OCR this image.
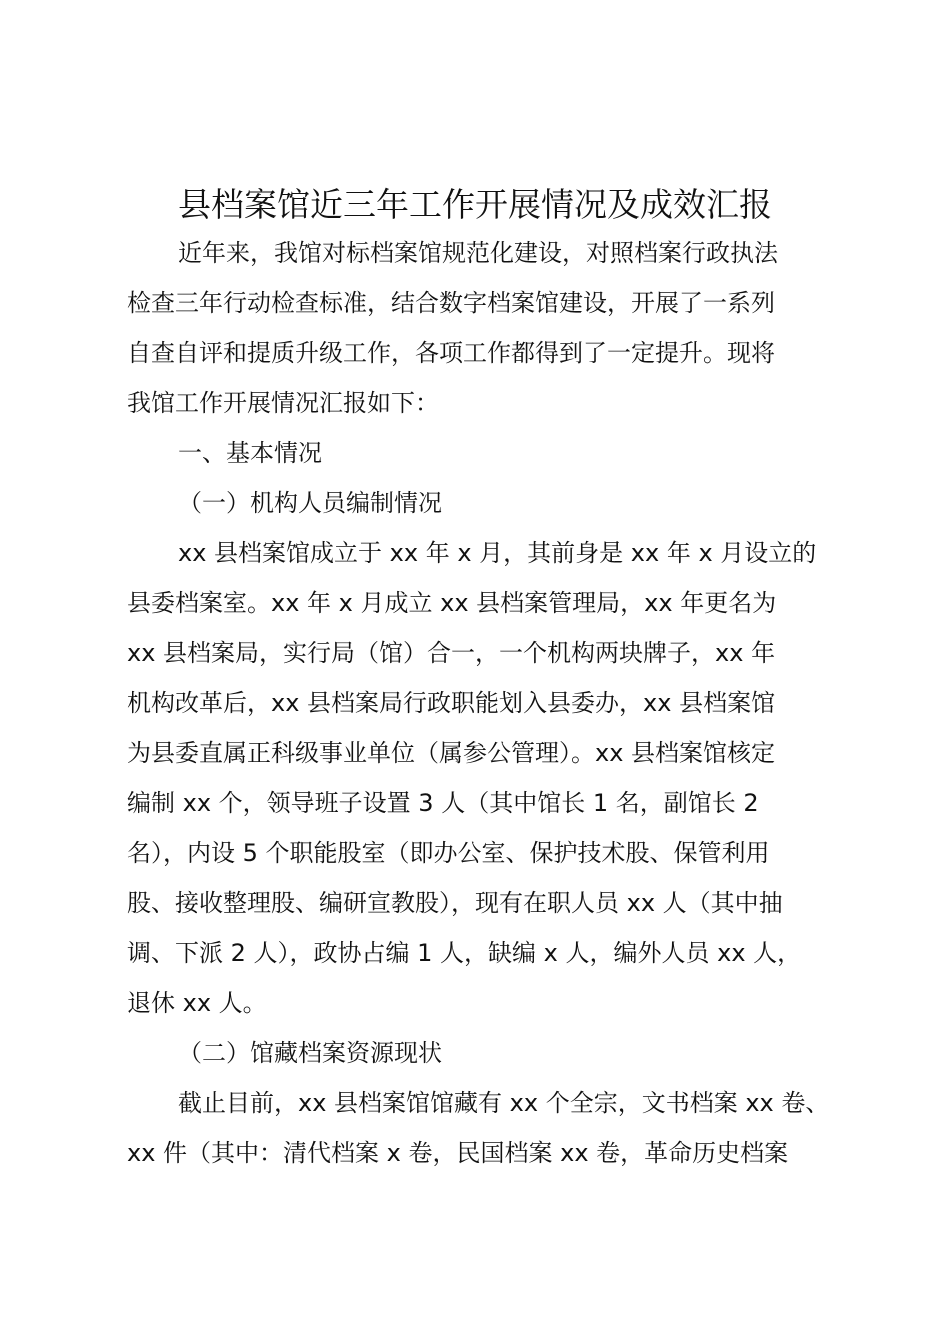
县档案馆近三年工作开展情况及成效汇报
近年来，我馆对标档案馆规范化建设，对照档案行政执法
检查三年行动检查标准，结合数字档案馆建设，开展了一系列
自查自评和提质升级工作，各项工作都得到了一定提升。现将
我馆工作开展情况汇报如下：
一、基本情况
（一）机构人员编制情况
xx 县档案馆成立于 xx 年 x 月，其前身是 xx 年 x 月设立的
县委档案室。xx 年 x 月成立 xx 县档案管理局，xx 年更名为
xx 县档案局，实行局（馆）合一，一个机构两块牌子，xx 年
机构改革后，xx 县档案局行政职能划入县委办，xx 县档案馆
为县委直属正科级事业单位（属参公管理）。xx 县档案馆核定
编制 xx 个，领导班子设置 3 人（其中馆长 1 名，副馆长 2
名），内设 5 个职能股室（即办公室、保护技术股、保管利用
股、接收整理股、编研宣教股），现有在职人员 xx 人（其中抽
调、下派 2 人），政协占编 1 人，缺编 x 人，编外人员 xx 人，
退休 xx 人。
（二）馆藏档案资源现状
截止目前，xx 县档案馆馆藏有 xx 个全宗，文书档案 xx 卷、
xx 件（其中：清代档案 x 卷，民国档案 xx 卷，革命历史档案
